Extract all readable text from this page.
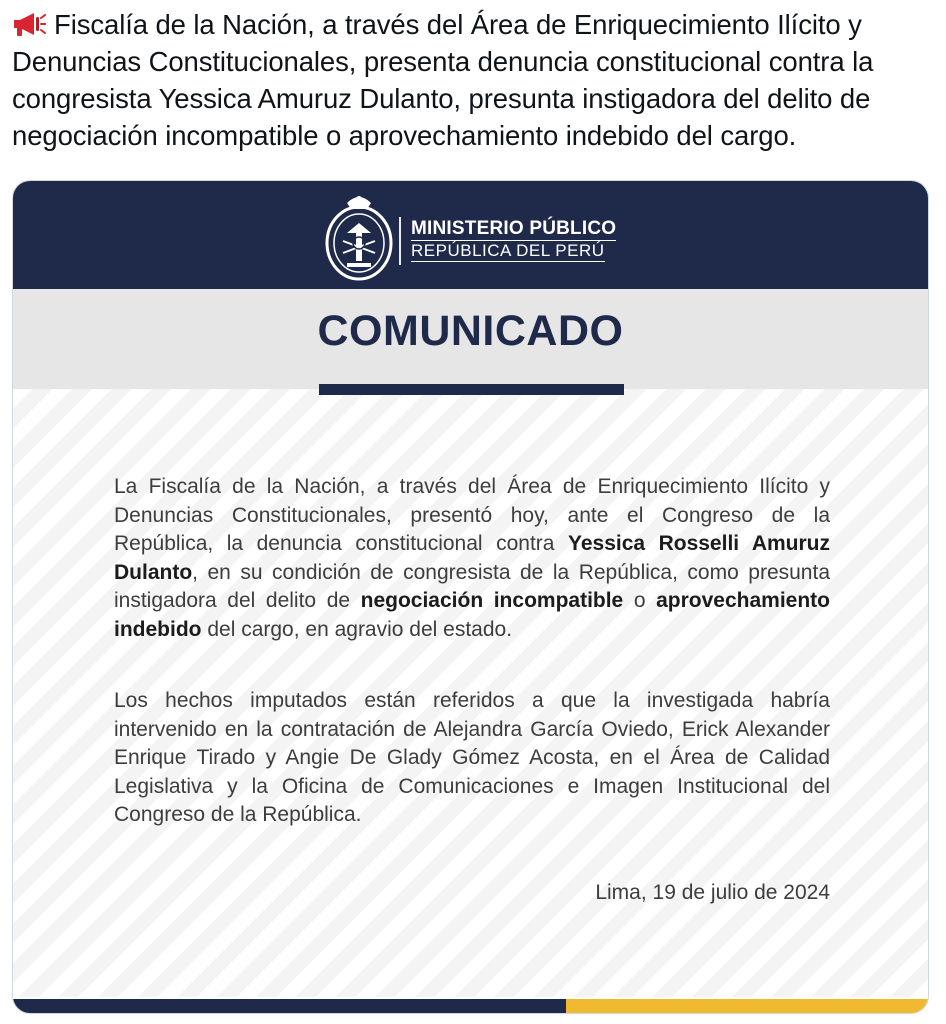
Fiscalía de la Nación, a través del Área de Enriquecimiento Ilícito y Denuncias Constitucionales, presenta denuncia constitucional contra la congresista Yessica Amuruz Dulanto, presunta instigadora del delito de negociación incompatible o aprovechamiento indebido del cargo.

MINISTERIO PÚBLICO
REPÚBLICA DEL PERÚ
COMUNICADO

La Fiscalía de la Nación, a través del Área de Enriquecimiento Ilícito y Denuncias Constitucionales, presentó hoy, ante el Congreso de la República, la denuncia constitucional contra Yessica Rosselli Amuruz Dulanto, en su condición de congresista de la República, como presunta instigadora del delito de negociación incompatible o aprovechamiento indebido del cargo, en agravio del estado.

Los hechos imputados están referidos a que la investigada habría intervenido en la contratación de Alejandra García Oviedo, Erick Alexander Enrique Tirado y Angie De Glady Gómez Acosta, en el Área de Calidad Legislativa y la Oficina de Comunicaciones e Imagen Institucional del Congreso de la República.

Lima, 19 de julio de 2024
